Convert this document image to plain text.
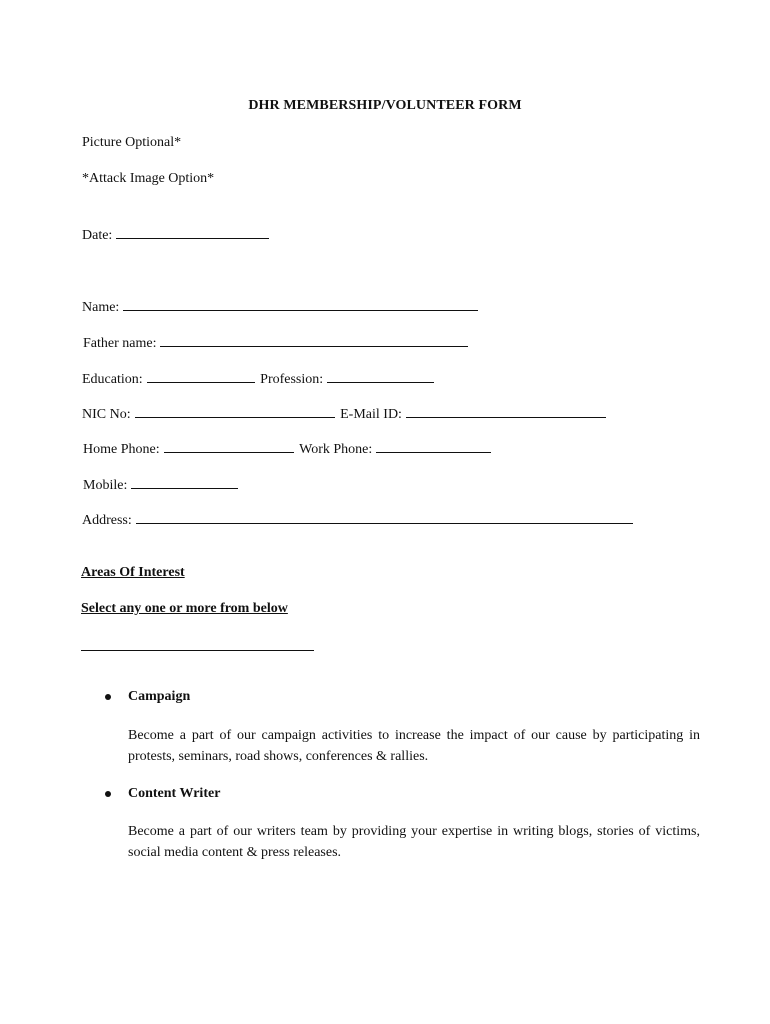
DHR MEMBERSHIP/VOLUNTEER FORM
Picture Optional*
*Attack Image Option*
Date:
Name:
Father name:
Education:	Profession:
NIC No:	E-Mail ID:
Home Phone:	Work Phone:
Mobile:
Address:
Areas Of Interest
Select any one or more from below
Campaign
Become a part of our campaign activities to increase the impact of our cause by participating in protests, seminars, road shows, conferences & rallies.
Content Writer
Become a part of our writers team by providing your expertise in writing blogs, stories of victims, social media content & press releases.
